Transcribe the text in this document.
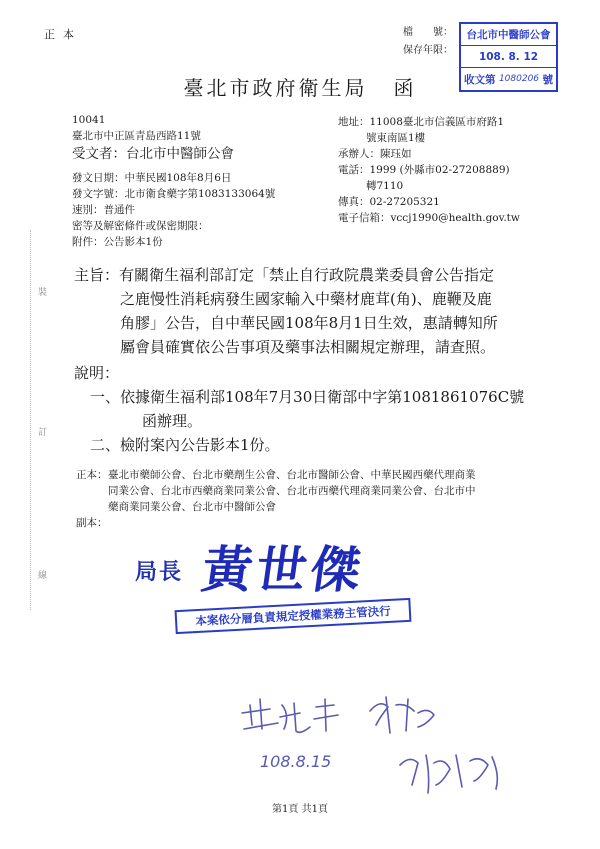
正本	檔　　號：
保存年限：
台北市中醫師公會
108. 8. 12
收文第 1080206 號
臺北市政府衛生局 函
10041
臺北市中正區青島西路11號
受文者：台北市中醫師公會
發文日期：中華民國108年8月6日
發文字號：北市衛食藥字第1083133064號
速別：普通件
密等及解密條件或保密期限：
附件：公告影本1份
地址：11008臺北市信義區市府路1
號東南區1樓
承辦人：陳珏如
電話：1999 (外縣市02-27208889)
轉7110
傳真：02-27205321
電子信箱：vccj1990@health.gov.tw
主旨：有關衛生福利部訂定「禁止自行政院農業委員會公告指定
之鹿慢性消耗病發生國家輸入中藥材鹿茸(角)、鹿鞭及鹿
角膠」公告，自中華民國108年8月1日生效，惠請轉知所
屬會員確實依公告事項及藥事法相關規定辦理，請查照。
說明：
一、依據衛生福利部108年7月30日衛部中字第1081861076C號
函辦理。
二、檢附案內公告影本1份。
正本： 臺北市藥師公會、台北市藥劑生公會、台北市醫師公會、中華民國西藥代理商業
同業公會、台北市西藥商業同業公會、台北市西藥代理商業同業公會、台北市中
藥商業同業公會、台北市中醫師公會
副本：
局長 黃世傑
本案依分層負責規定授權業務主管決行
108.8.15
第1頁 共1頁
裝
訂
線
